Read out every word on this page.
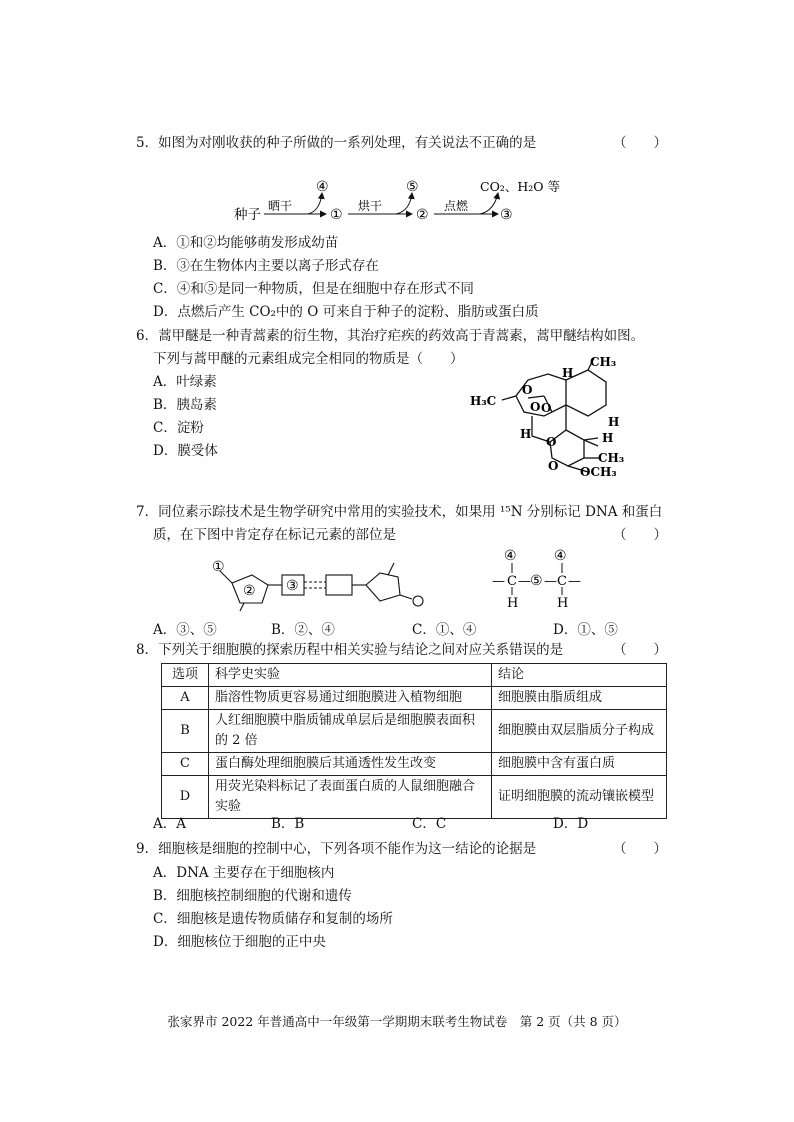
5．如图为对刚收获的种子所做的一系列处理，有关说法不正确的是	（　　）
种子
晒干
④
①
烘干
⑤
②
点燃
CO₂、H₂O 等
③
A．①和②均能够萌发形成幼苗
B．③在生物体内主要以离子形式存在
C．④和⑤是同一种物质，但是在细胞中存在形式不同
D．点燃后产生 CO₂中的 O 可来自于种子的淀粉、脂肪或蛋白质
6．蒿甲醚是一种青蒿素的衍生物，其治疗疟疾的药效高于青蒿素，蒿甲醚结构如图。
下列与蒿甲醚的元素组成完全相同的物质是（　　）
A．叶绿素
B．胰岛素
C．淀粉
D．膜受体
CH₃
H₃C
H
O
O O
H
H
H
O
O
CH₃
OCH₃
7．同位素示踪技术是生物学研究中常用的实验技术，如果用 ¹⁵N 分别标记 DNA 和蛋白
质，在下图中肯定存在标记元素的部位是	（　　）
①
② ③
④	④
— C — ⑤ — C —
H	H
A．③、⑤	B．②、④	C．①、④	D．①、⑤
8．下列关于细胞膜的探索历程中相关实验与结论之间对应关系错误的是	（　　）
选项	科学史实验	结论
A	脂溶性物质更容易通过细胞膜进入植物细胞	细胞膜由脂质组成
B	人红细胞膜中脂质铺成单层后是细胞膜表面积的 2 倍	细胞膜由双层脂质分子构成
C	蛋白酶处理细胞膜后其通透性发生改变	细胞膜中含有蛋白质
D	用荧光染料标记了表面蛋白质的人鼠细胞融合实验	证明细胞膜的流动镶嵌模型
A．A	B．B	C．C	D．D
9．细胞核是细胞的控制中心，下列各项不能作为这一结论的论据是	（　　）
A．DNA 主要存在于细胞核内
B．细胞核控制细胞的代谢和遗传
C．细胞核是遗传物质储存和复制的场所
D．细胞核位于细胞的正中央
张家界市 2022 年普通高中一年级第一学期期末联考生物试卷　第 2 页（共 8 页）
